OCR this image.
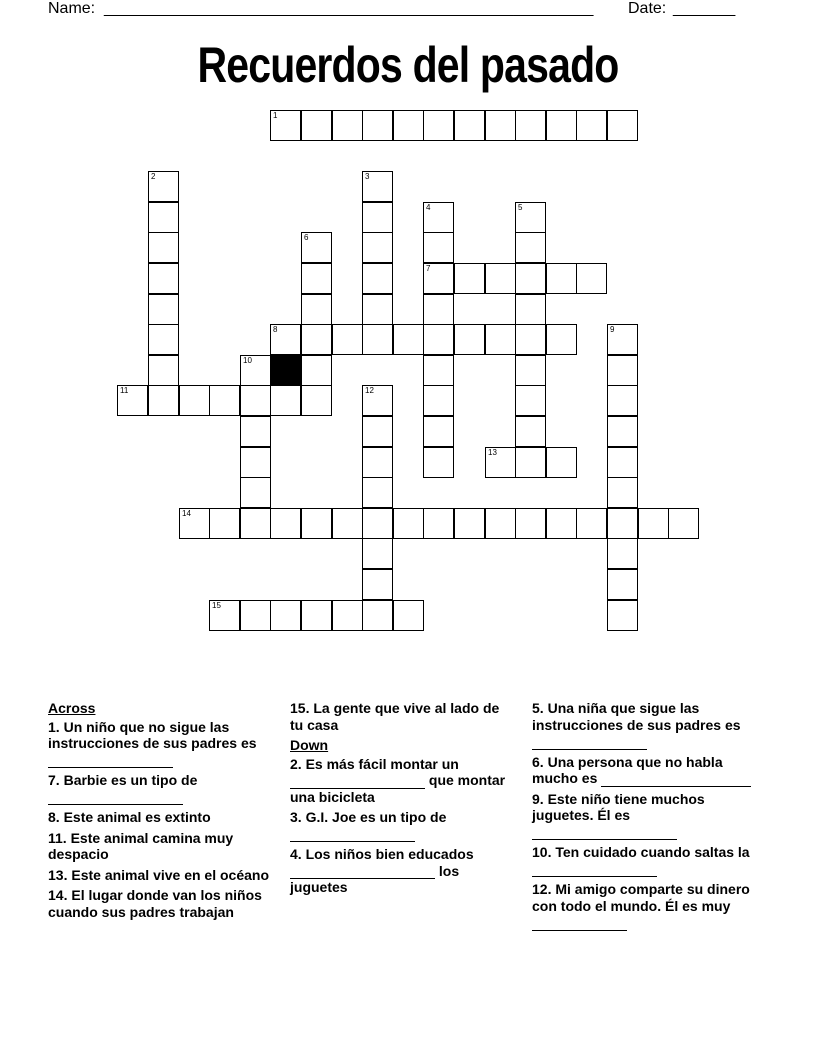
Name: _______________________________________________________ Date: _______
Recuerdos del pasado
1
2	3
4
7
5
6
8	9
10
11	12
13
14
15
Across

1. Un niño que no sigue las instrucciones de sus padres es

7. Barbie es un tipo de

8. Este animal es extinto

11. Este animal camina muy despacio

13. Este animal vive en el océano

14. El lugar donde van los niños cuando sus padres trabajan

15. La gente que vive al lado de tu casa

Down

2. Es más fácil montar un  que montar una bicicleta

3. G.I. Joe es un tipo de

4. Los niños bien educados  los juguetes

5. Una niña que sigue las instrucciones de sus padres es

6. Una persona que no habla mucho es

9. Este niño tiene muchos juguetes. Él es

10. Ten cuidado cuando saltas la

12. Mi amigo comparte su dinero con todo el mundo. Él es muy
